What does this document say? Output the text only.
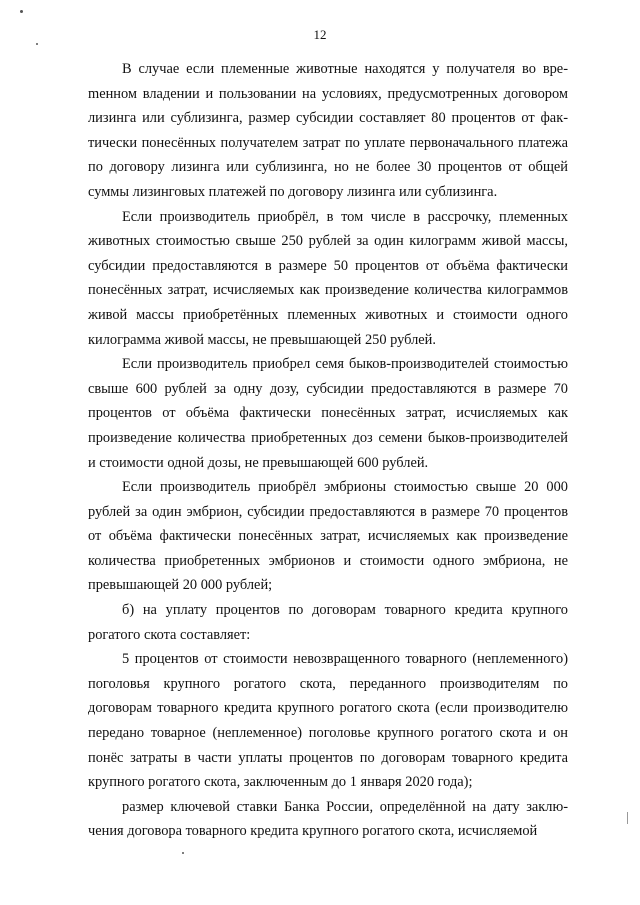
12

В случае если племенные животные находятся у получателя во вреmенном владении и пользовании на условиях, предусмотренных договором лизинга или сублизинга, размер субсидии составляет 80 процентов от фактически понесённых получателем затрат по уплате первоначального платежа по договору лизинга или сублизинга, но не более 30 процентов от общей суммы лизинговых платежей по договору лизинга или сублизинга.

Если производитель приобрёл, в том числе в рассрочку, племенных животных стоимостью свыше 250 рублей за один килограмм живой массы, субсидии предоставляются в размере 50 процентов от объёма фактически понесённых затрат, исчисляемых как произведение количества килограммов живой массы приобретённых племенных животных и стоимости одного килограмма живой массы, не превышающей 250 рублей.

Если производитель приобрел семя быков-производителей стоимостью свыше 600 рублей за одну дозу, субсидии предоставляются в размере 70 процентов от объёма фактически понесённых затрат, исчисляемых как произведение количества приобретенных доз семени быков-производителей и стоимости одной дозы, не превышающей 600 рублей.

Если производитель приобрёл эмбрионы стоимостью свыше 20 000 рублей за один эмбрион, субсидии предоставляются в размере 70 процентов от объёма фактически понесённых затрат, исчисляемых как произведение количества приобретенных эмбрионов и стоимости одного эмбриона, не превышающей 20 000 рублей;

б) на уплату процентов по договорам товарного кредита крупного рогатого скота составляет:

5 процентов от стоимости невозвращенного товарного (неплеменного) поголовья крупного рогатого скота, переданного производителям по договорам товарного кредита крупного рогатого скота (если производителю передано товарное (неплеменное) поголовье крупного рогатого скота и он понёс затраты в части уплаты процентов по договорам товарного кредита крупного рогатого скота, заключенным до 1 января 2020 года);

размер ключевой ставки Банка России, определённой на дату заключения договора товарного кредита крупного рогатого скота, исчисляемой
